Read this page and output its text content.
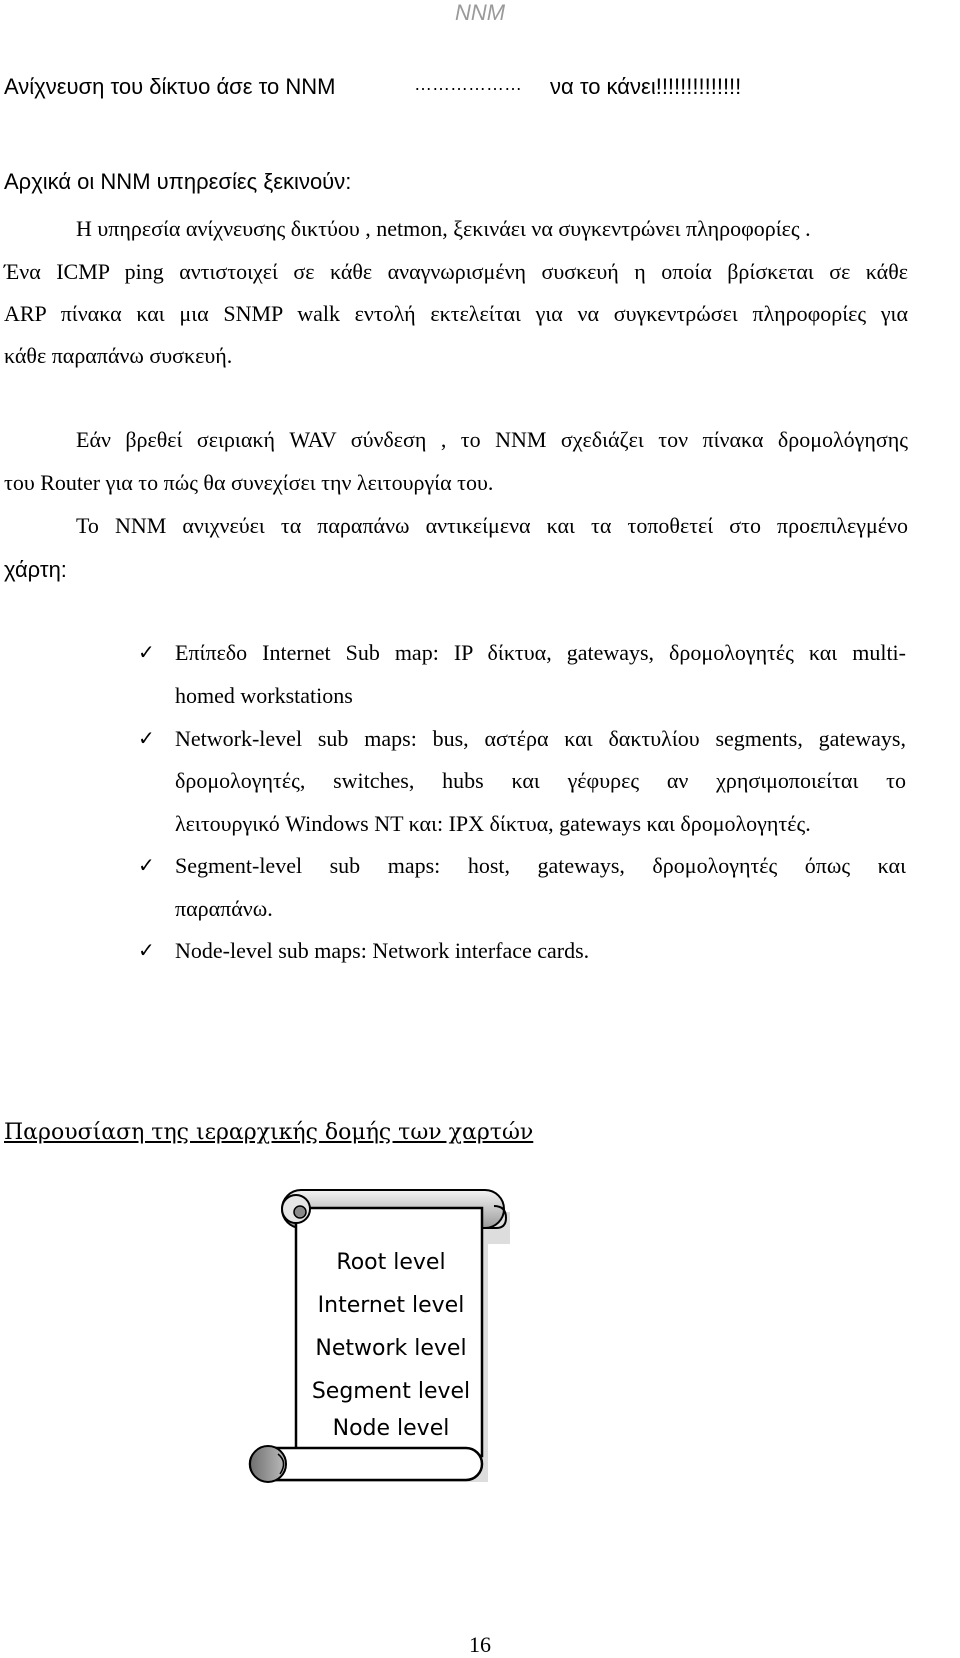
NNM
Ανίχνευση του δίκτυο άσε το NNM	……………… να το κάνει!!!!!!!!!!!!!!
Αρχικά οι NNM υπηρεσίες ξεκινούν:
Η υπηρεσία ανίχνευσης δικτύου , netmon, ξεκινάει να συγκεντρώνει πληροφορίες .
Ένα ICMP ping αντιστοιχεί σε κάθε αναγνωρισμένη συσκευή η οποία βρίσκεται σε κάθε
ARP πίνακα και μια SNMP walk εντολή εκτελείται για να συγκεντρώσει πληροφορίες για
κάθε παραπάνω συσκευή.
Εάν βρεθεί σειριακή WAV σύνδεση , το NNM σχεδιάζει τον πίνακα δρομολόγησης
του Router για το πώς θα συνεχίσει την λειτουργία του.
Το NNM ανιχνεύει τα παραπάνω αντικείμενα και τα τοποθετεί στο προεπιλεγμένο
χάρτη:
✓ Επίπεδο Internet Sub map: IP δίκτυα, gateways, δρομολογητές και multi-
homed workstations
✓ Network-level sub maps: bus, αστέρα και δακτυλίου segments, gateways,
δρομολογητές, switches, hubs και γέφυρες αν χρησιμοποιείται το
λειτουργικό Windows NT και: IPX δίκτυα, gateways και δρομολογητές.
✓ Segment-level sub maps: host, gateways, δρομολογητές όπως και
παραπάνω.
✓ Node-level sub maps: Network interface cards.
Παρουσίαση της ιεραρχικής δομής των χαρτών
Root level
Internet level
Network level
Segment level
Node level
16
